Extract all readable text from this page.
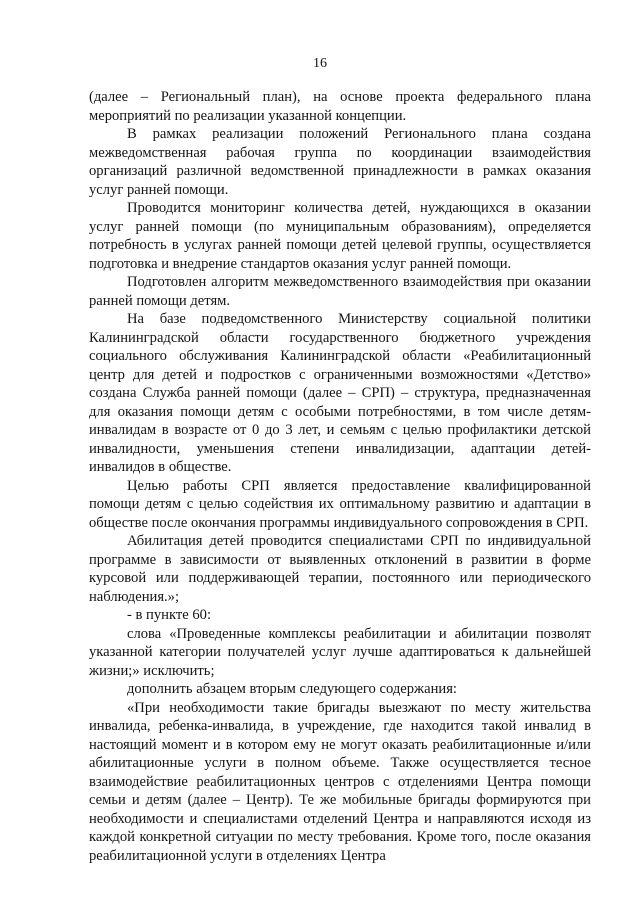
16

(далее – Региональный план), на основе проекта федерального плана мероприятий по реализации указанной концепции.

В рамках реализации положений Регионального плана создана межведомственная рабочая группа по координации взаимодействия организаций различной ведомственной принадлежности в рамках оказания услуг ранней помощи.

Проводится мониторинг количества детей, нуждающихся в оказании услуг ранней помощи (по муниципальным образованиям), определяется потребность в услугах ранней помощи детей целевой группы, осуществляется подготовка и внедрение стандартов оказания услуг ранней помощи.

Подготовлен алгоритм межведомственного взаимодействия при оказании ранней помощи детям.

На базе подведомственного Министерству социальной политики Калининградской области государственного бюджетного учреждения социального обслуживания Калининградской области «Реабилитационный центр для детей и подростков с ограниченными возможностями «Детство» создана Служба ранней помощи (далее – СРП) – структура, предназначенная для оказания помощи детям с особыми потребностями, в том числе детям-инвалидам в возрасте от 0 до 3 лет, и семьям с целью профилактики детской инвалидности, уменьшения степени инвалидизации, адаптации детей-инвалидов в обществе.

Целью работы СРП является предоставление квалифицированной помощи детям с целью содействия их оптимальному развитию и адаптации в обществе после окончания программы индивидуального сопровождения в СРП.

Абилитация детей проводится специалистами СРП по индивидуальной программе в зависимости от выявленных отклонений в развитии в форме курсовой или поддерживающей терапии, постоянного или периодического наблюдения.»;

- в пункте 60:

слова «Проведенные комплексы реабилитации и абилитации позволят указанной категории получателей услуг лучше адаптироваться к дальнейшей жизни;» исключить;

дополнить абзацем вторым следующего содержания:

«При необходимости такие бригады выезжают по месту жительства инвалида, ребенка-инвалида, в учреждение, где находится такой инвалид в настоящий момент и в котором ему не могут оказать реабилитационные и/или абилитационные услуги в полном объеме. Также осуществляется тесное взаимодействие реабилитационных центров с отделениями Центра помощи семьи и детям (далее – Центр). Те же мобильные бригады формируются при необходимости и специалистами отделений Центра и направляются исходя из каждой конкретной ситуации по месту требования. Кроме того, после оказания реабилитационной услуги в отделениях Центра
